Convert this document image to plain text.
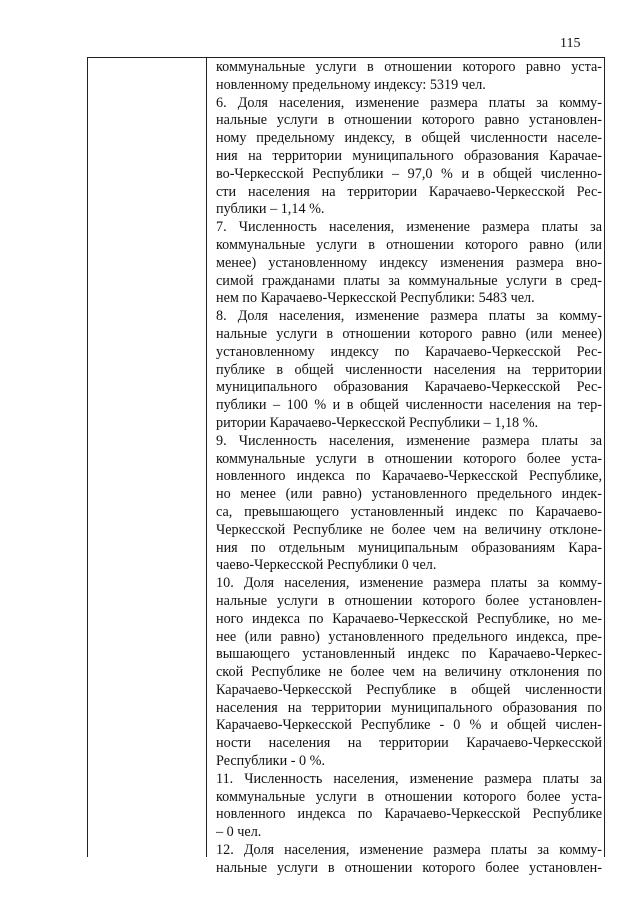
115
коммунальные услуги в отношении которого равно уста-
новленному предельному индексу: 5319 чел.
6. Доля населения, изменение размера платы за комму-
нальные услуги в отношении которого равно установлен-
ному предельному индексу, в общей численности населе-
ния на территории муниципального образования Карачае-
во-Черкесской Республики – 97,0 % и в общей численно-
сти населения на территории Карачаево-Черкесской Рес-
публики – 1,14 %.
7. Численность населения, изменение размера платы за
коммунальные услуги в отношении которого равно (или
менее) установленному индексу изменения размера вно-
симой гражданами платы за коммунальные услуги в сред-
нем по Карачаево-Черкесской Республики: 5483 чел.
8. Доля населения, изменение размера платы за комму-
нальные услуги в отношении которого равно (или менее)
установленному индексу по Карачаево-Черкесской Рес-
публике в общей численности населения на территории
муниципального образования Карачаево-Черкесской Рес-
публики – 100 % и в общей численности населения на тер-
ритории Карачаево-Черкесской Республики – 1,18 %.
9. Численность населения, изменение размера платы за
коммунальные услуги в отношении которого более уста-
новленного индекса по Карачаево-Черкесской Республике,
но менее (или равно) установленного предельного индек-
са, превышающего установленный индекс по Карачаево-
Черкесской Республике не более чем на величину отклоне-
ния по отдельным муниципальным образованиям Кара-
чаево-Черкесской Республики 0 чел.
10. Доля населения, изменение размера платы за комму-
нальные услуги в отношении которого более установлен-
ного индекса по Карачаево-Черкесской Республике, но ме-
нее (или равно) установленного предельного индекса, пре-
вышающего установленный индекс по Карачаево-Черкес-
ской Республике не более чем на величину отклонения по
Карачаево-Черкесской Республике в общей численности
населения на территории муниципального образования по
Карачаево-Черкесской Республике - 0 % и общей числен-
ности населения на территории Карачаево-Черкесской
Республики - 0 %.
11. Численность населения, изменение размера платы за
коммунальные услуги в отношении которого более уста-
новленного индекса по Карачаево-Черкесской Республике
– 0 чел.
12. Доля населения, изменение размера платы за комму-
нальные услуги в отношении которого более установлен-
